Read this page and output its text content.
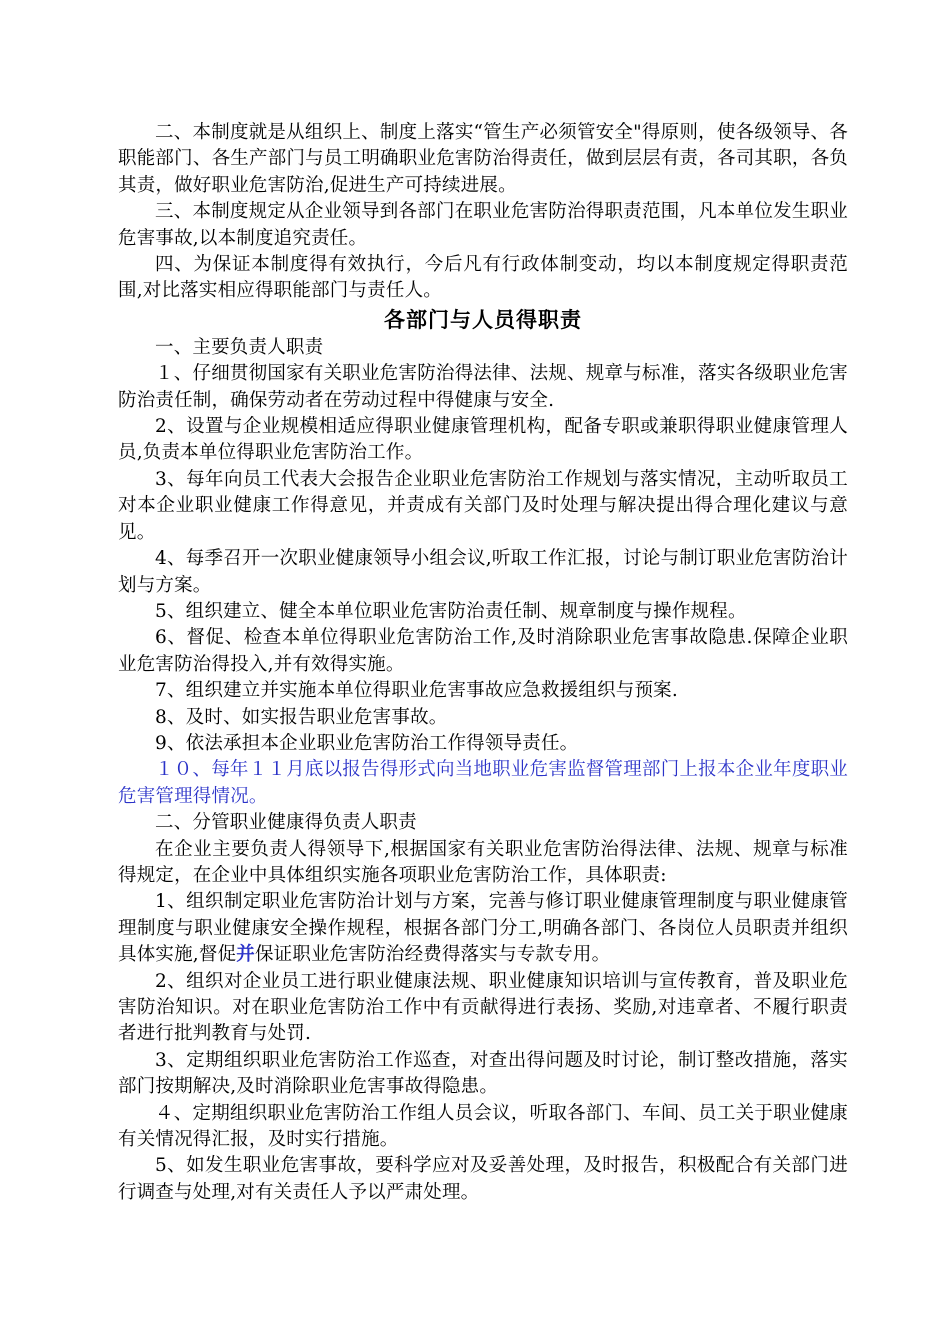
二、本制度就是从组织上、制度上落实“管生产必须管安全"得原则，使各级领导、各职能部门、各生产部门与员工明确职业危害防治得责任，做到层层有责，各司其职，各负其责，做好职业危害防治,促进生产可持续进展。

三、本制度规定从企业领导到各部门在职业危害防治得职责范围，凡本单位发生职业危害事故,以本制度追究责任。

四、为保证本制度得有效执行，今后凡有行政体制变动，均以本制度规定得职责范围,对比落实相应得职能部门与责任人。

各部门与人员得职责

一、主要负责人职责

１、仔细贯彻国家有关职业危害防治得法律、法规、规章与标准，落实各级职业危害防治责任制，确保劳动者在劳动过程中得健康与安全.

2、设置与企业规模相适应得职业健康管理机构，配备专职或兼职得职业健康管理人员,负责本单位得职业危害防治工作。

3、每年向员工代表大会报告企业职业危害防治工作规划与落实情况，主动听取员工对本企业职业健康工作得意见，并责成有关部门及时处理与解决提出得合理化建议与意见。

4、每季召开一次职业健康领导小组会议,听取工作汇报，讨论与制订职业危害防治计划与方案。

5、组织建立、健全本单位职业危害防治责任制、规章制度与操作规程。

6、督促、检查本单位得职业危害防治工作,及时消除职业危害事故隐患.保障企业职业危害防治得投入,并有效得实施。

7、组织建立并实施本单位得职业危害事故应急救援组织与预案.

8、及时、如实报告职业危害事故。

9、依法承担本企业职业危害防治工作得领导责任。

１０、每年１１月底以报告得形式向当地职业危害监督管理部门上报本企业年度职业危害管理得情况。

二、分管职业健康得负责人职责

在企业主要负责人得领导下,根据国家有关职业危害防治得法律、法规、规章与标准得规定，在企业中具体组织实施各项职业危害防治工作，具体职责:

1、组织制定职业危害防治计划与方案，完善与修订职业健康管理制度与职业健康管理制度与职业健康安全操作规程，根据各部门分工,明确各部门、各岗位人员职责并组织具体实施,督促并保证职业危害防治经费得落实与专款专用。

2、组织对企业员工进行职业健康法规、职业健康知识培训与宣传教育，普及职业危害防治知识。对在职业危害防治工作中有贡献得进行表扬、奖励,对违章者、不履行职责者进行批判教育与处罚.

3、定期组织职业危害防治工作巡查，对查出得问题及时讨论，制订整改措施，落实部门按期解决,及时消除职业危害事故得隐患。

４、定期组织职业危害防治工作组人员会议，听取各部门、车间、员工关于职业健康有关情况得汇报，及时实行措施。

5、如发生职业危害事故，要科学应对及妥善处理，及时报告，积极配合有关部门进行调查与处理,对有关责任人予以严肃处理。
